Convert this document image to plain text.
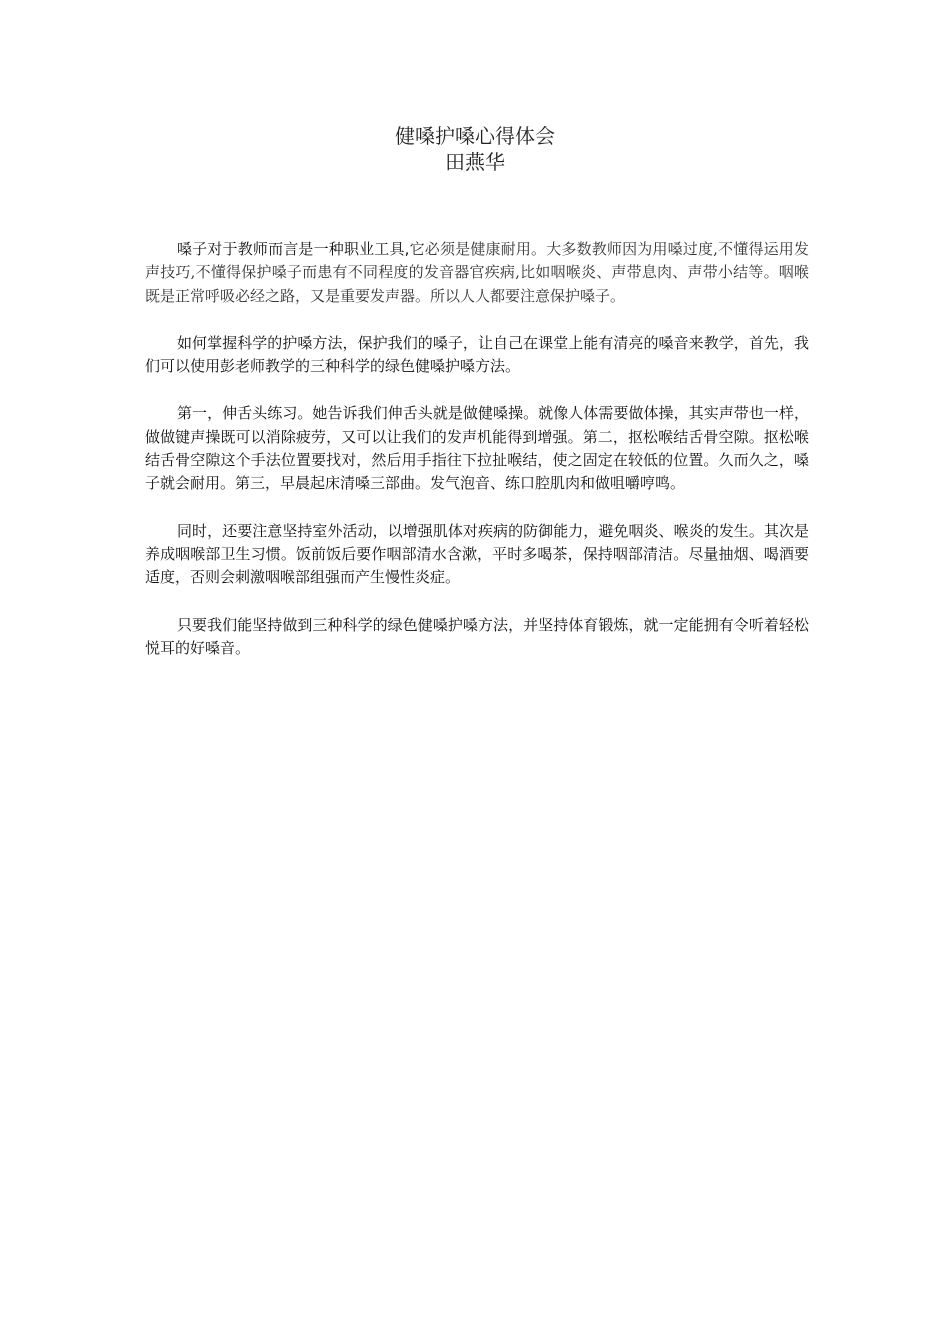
健嗓护嗓心得体会
田燕华

嗓子对于教师而言是一种职业工具,它必须是健康耐用。大多数教师因为用嗓过度,不懂得运用发声技巧,不懂得保护嗓子而患有不同程度的发音器官疾病,比如咽喉炎、声带息肉、声带小结等。咽喉既是正常呼吸必经之路，又是重要发声器。所以人人都要注意保护嗓子。

如何掌握科学的护嗓方法，保护我们的嗓子，让自己在课堂上能有清亮的嗓音来教学，首先，我们可以使用彭老师教学的三种科学的绿色健嗓护嗓方法。

第一，伸舌头练习。她告诉我们伸舌头就是做健嗓操。就像人体需要做体操，其实声带也一样，做做键声操既可以消除疲劳，又可以让我们的发声机能得到增强。第二，抠松喉结舌骨空隙。抠松喉结舌骨空隙这个手法位置要找对，然后用手指往下拉扯喉结，使之固定在较低的位置。久而久之，嗓子就会耐用。第三，早晨起床清嗓三部曲。发气泡音、练口腔肌肉和做咀嚼哼鸣。

同时，还要注意坚持室外活动，以增强肌体对疾病的防御能力，避免咽炎、喉炎的发生。其次是养成咽喉部卫生习惯。饭前饭后要作咽部清水含漱，平时多喝茶，保持咽部清洁。尽量抽烟、喝酒要适度，否则会刺激咽喉部组强而产生慢性炎症。

只要我们能坚持做到三种科学的绿色健嗓护嗓方法，并坚持体育锻炼，就一定能拥有令听着轻松悦耳的好嗓音。
